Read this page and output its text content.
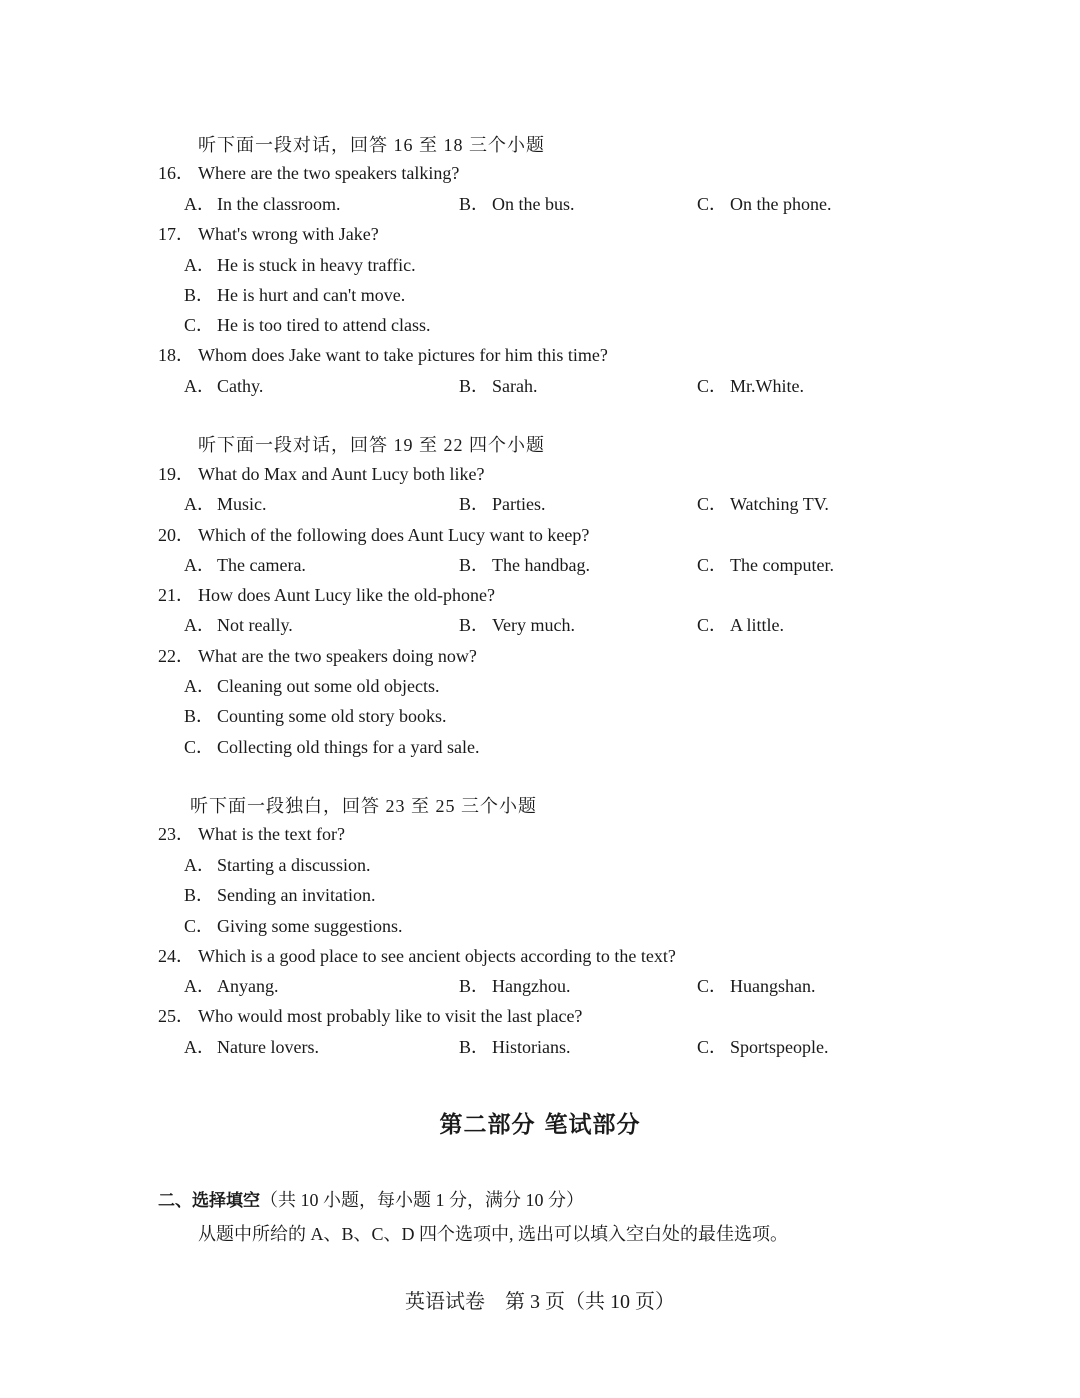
听下面一段对话，回答 16 至 18 三个小题
16． Where are the two speakers talking?
A． In the classroom.	B． On the bus.	C． On the phone.
17． What's wrong with Jake?
A． He is stuck in heavy traffic.
B． He is hurt and can't move.
C． He is too tired to attend class.
18． Whom does Jake want to take pictures for him this time?
A． Cathy.	B． Sarah.	C． Mr.White.
听下面一段对话，回答 19 至 22 四个小题
19． What do Max and Aunt Lucy both like?
A． Music.	B． Parties.	C． Watching TV.
20． Which of the following does Aunt Lucy want to keep?
A． The camera.	B． The handbag.	C． The computer.
21． How does Aunt Lucy like the old-phone?
A． Not really.	B． Very much.	C． A little.
22． What are the two speakers doing now?
A． Cleaning out some old objects.
B． Counting some old story books.
C． Collecting old things for a yard sale.
听下面一段独白，回答 23 至 25 三个小题
23． What is the text for?
A． Starting a discussion.
B． Sending an invitation.
C． Giving some suggestions.
24． Which is a good place to see ancient objects according to the text?
A． Anyang.	B． Hangzhou.	C． Huangshan.
25． Who would most probably like to visit the last place?
A． Nature lovers.	B． Historians.	C． Sportspeople.
第二部分 笔试部分
二、选择填空（共 10 小题，每小题 1 分，满分 10 分）
从题中所给的 A、B、C、D 四个选项中, 选出可以填入空白处的最佳选项。
英语试卷　第 3 页（共 10 页）
